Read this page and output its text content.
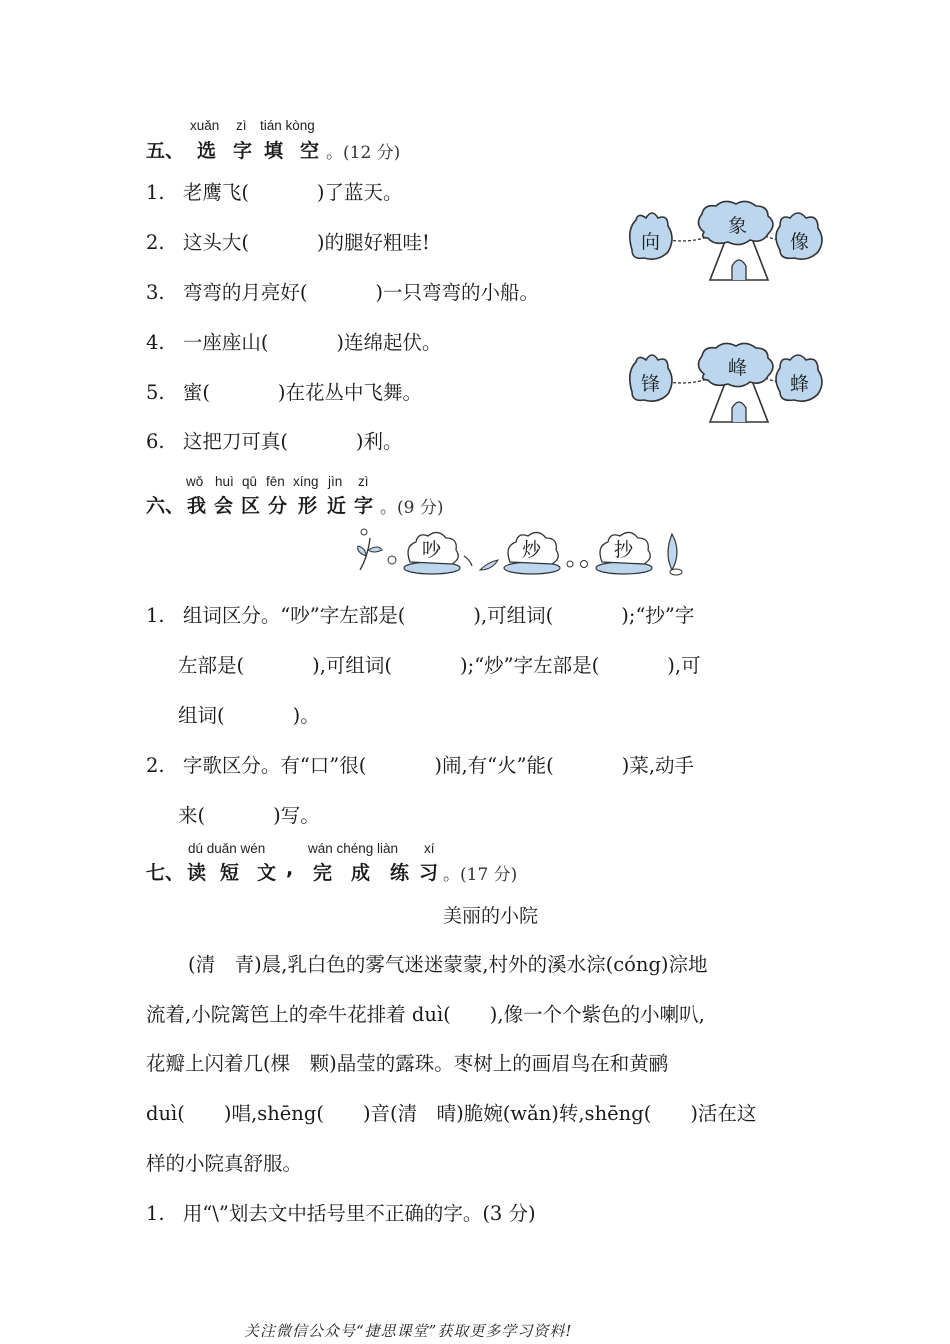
xuǎn zì tián kòng
五、 选 字 填 空 。(12 分)
1. 老鹰飞(	)了蓝天。
2. 这头大(	)的腿好粗哇!
3. 弯弯的月亮好(	)一只弯弯的小船。
4. 一座座山(	)连绵起伏。
5. 蜜(	)在花丛中飞舞。
6. 这把刀可真(	)利。
向
象
像
锋
峰
蜂
wǒ huì qū fēn xíng jìn zì
六、 我 会 区 分 形 近 字 。(9 分)
吵	炒	抄
1. 组词区分。“吵”字左部是(	),可组词(	);“抄”字
左部是(	),可组词(	);“炒”字左部是(	),可
组词(	)。
2. 字歌区分。有“口”很(	)闹,有“火”能(	)菜,动手
来(	)写。
dú duǎn wén	wán chéng liàn xí
七、 读 短 文 , 完 成 练 习 。(17 分)
美丽的小院
(清　青)晨,乳白色的雾气迷迷蒙蒙,村外的溪水淙(cóng)淙地
流着,小院篱笆上的牵牛花排着 duì(　　),像一个个紫色的小喇叭,
花瓣上闪着几(棵　颗)晶莹的露珠。枣树上的画眉鸟在和黄鹂
duì(　　)唱,shēng(　　)音(清　晴)脆婉(wǎn)转,shēng(　　)活在这
样的小院真舒服。
1. 用“\”划去文中括号里不正确的字。(3 分)
关注微信公众号“捷思课堂”获取更多学习资料!
